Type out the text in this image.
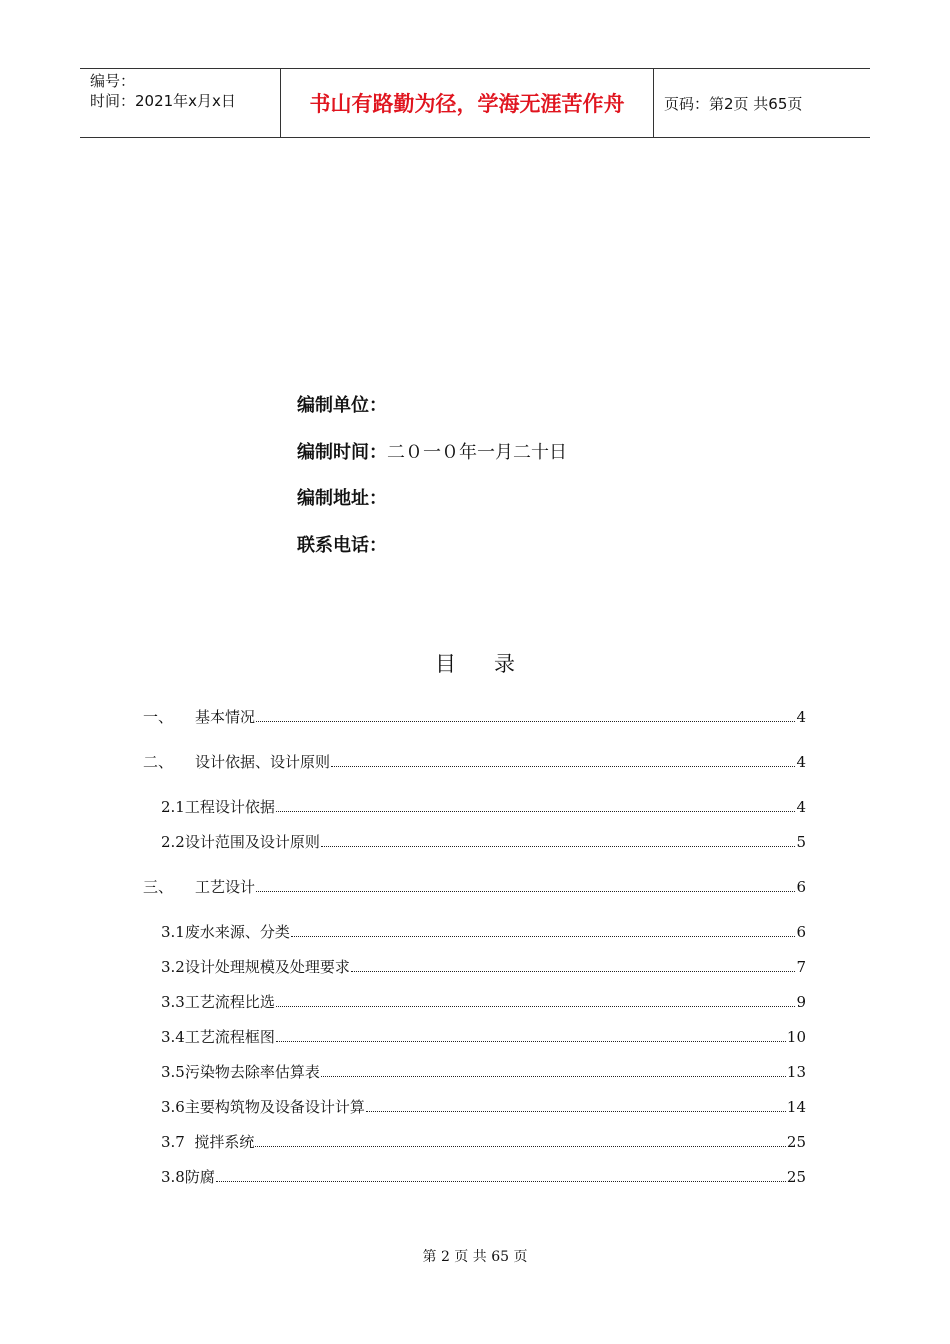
编号：
时间：2021年x月x日	书山有路勤为径，学海无涯苦作舟	页码：第2页 共65页
编制单位：
编制时间：二０一０年一月二十日
编制地址：
联系电话：
目 录
一、	基本情况	4
二、	设计依据、设计原则	4
2.1工程设计依据	4
2.2设计范围及设计原则	5
三、	工艺设计	6
3.1废水来源、分类	6
3.2设计处理规模及处理要求	7
3.3工艺流程比选	9
3.4工艺流程框图	10
3.5污染物去除率估算表	13
3.6主要构筑物及设备设计计算	14
3.7  搅拌系统	25
3.8防腐	25
第 2 页 共 65 页
